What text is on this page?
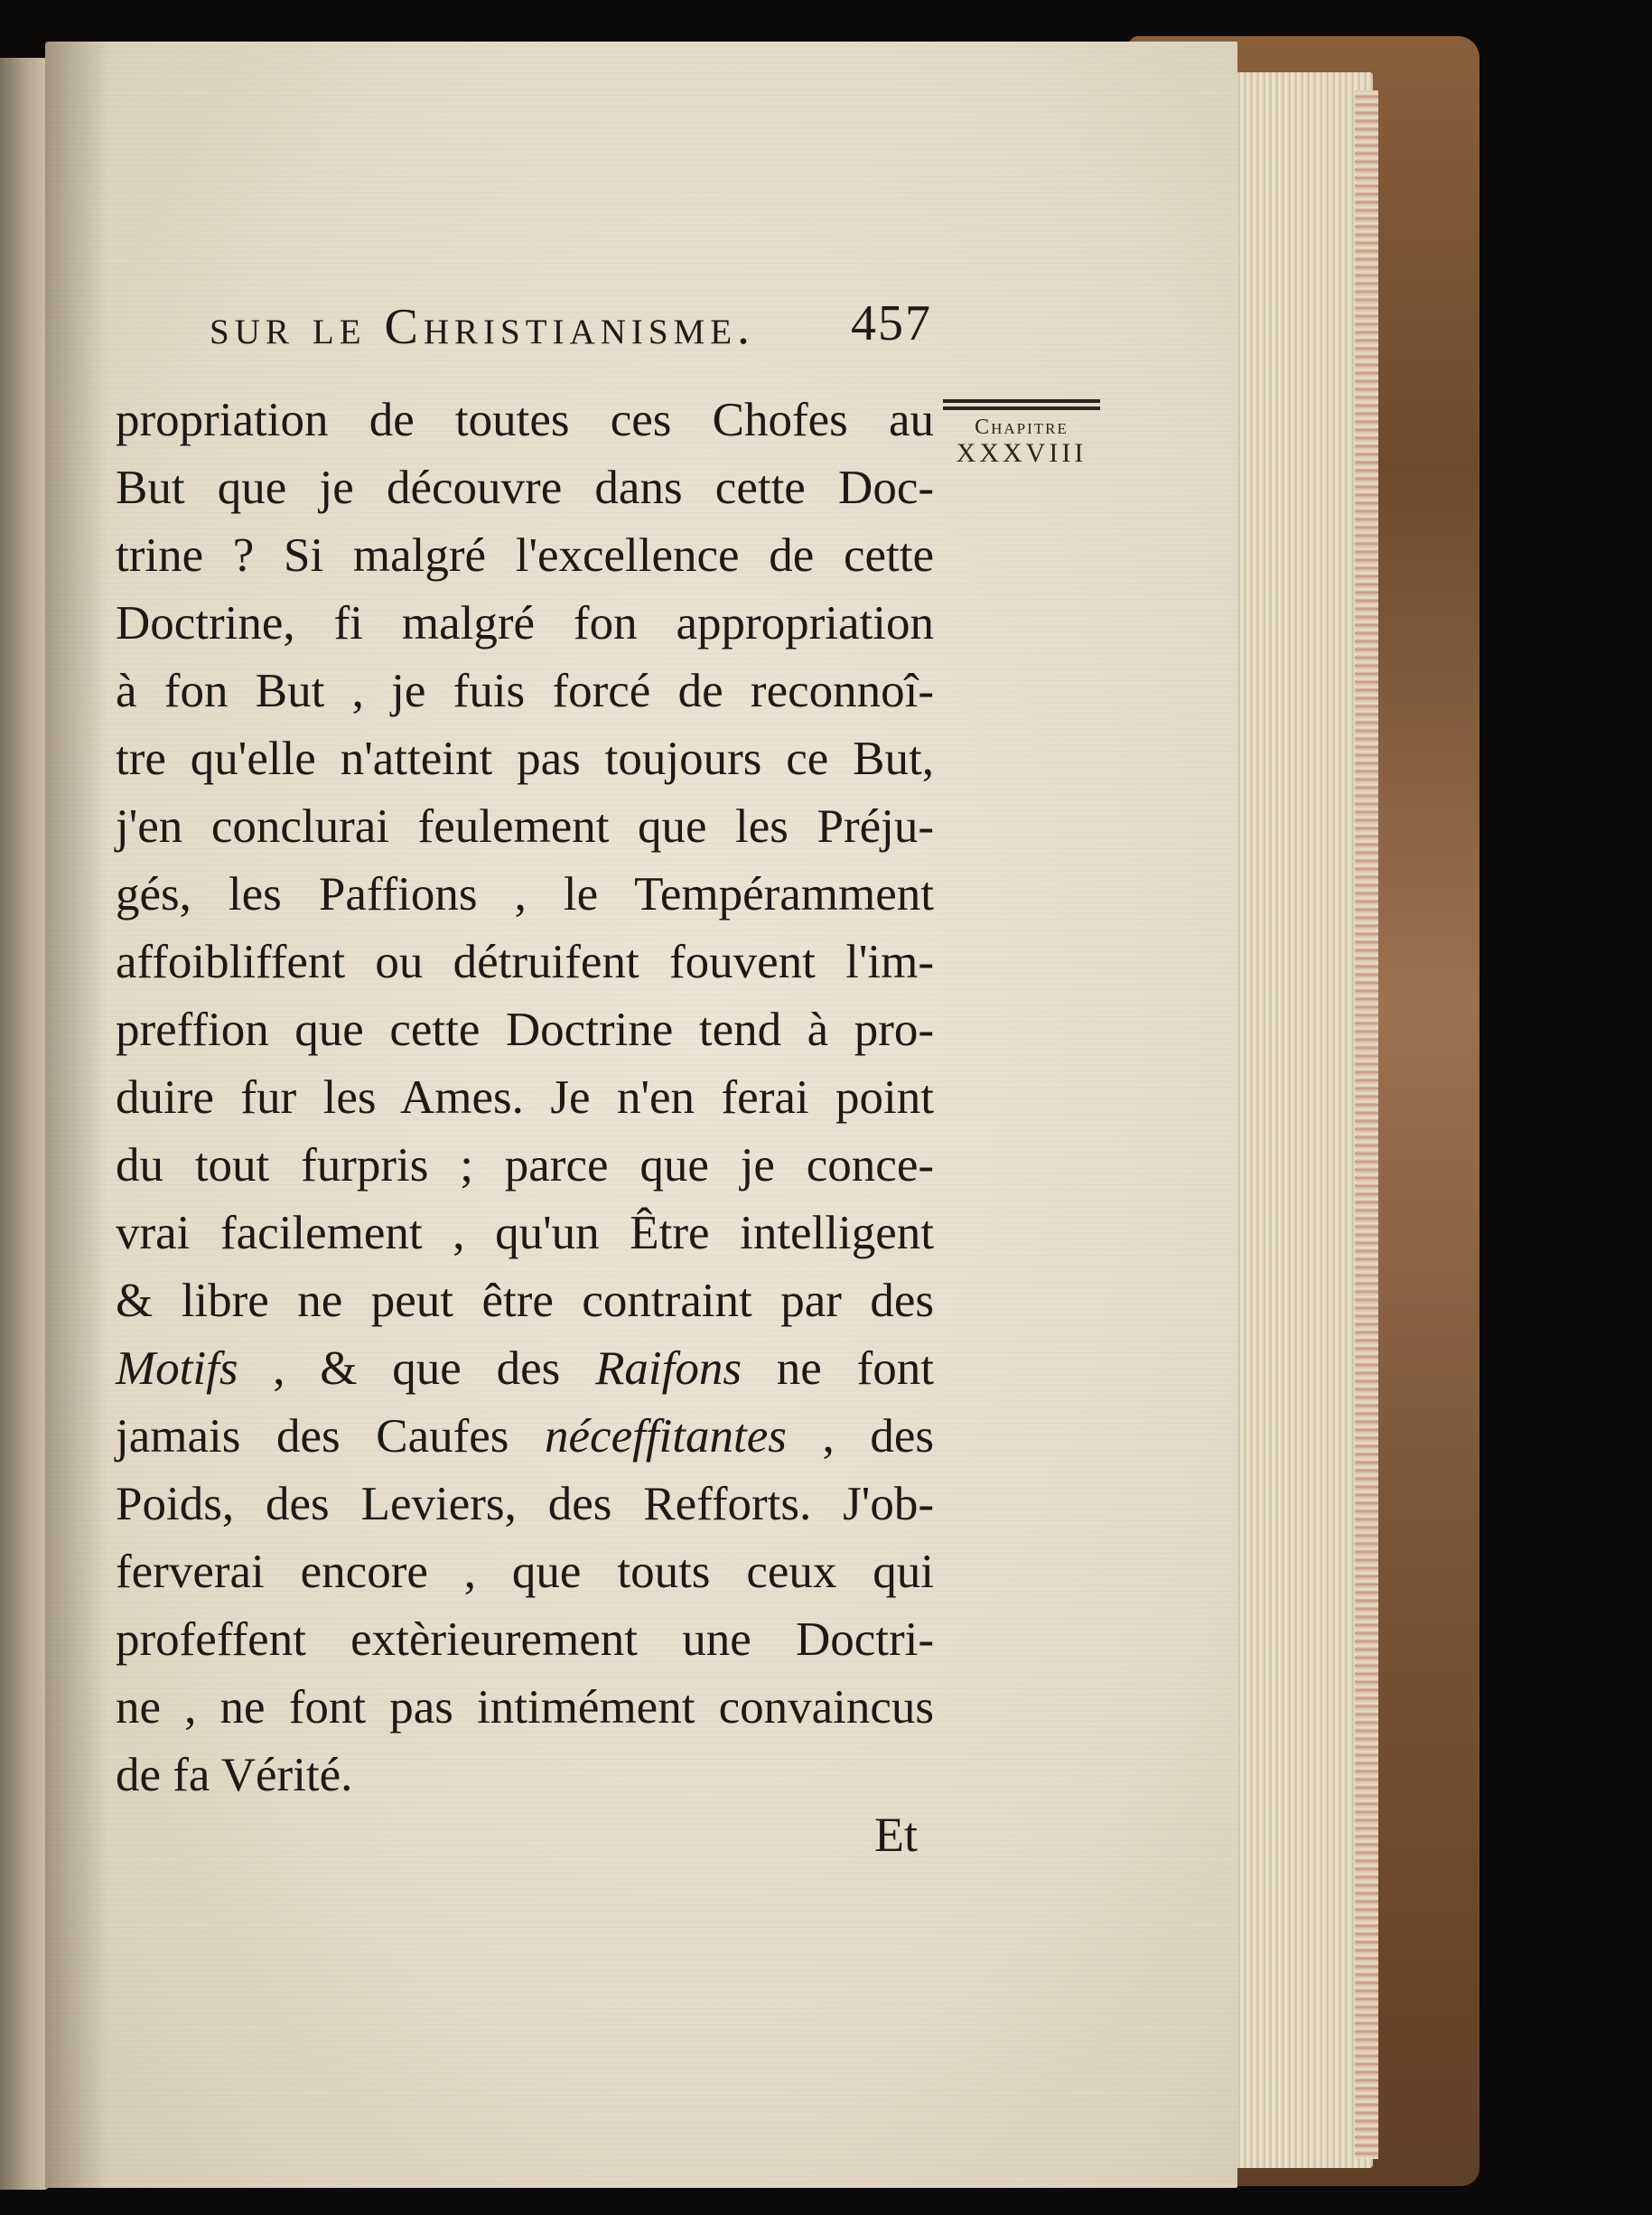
sur le Christianisme. 457
Chapitre
XXXVIII
propriation de toutes ces Chofes au
But que je découvre dans cette Doc-
trine ? Si malgré l'excellence de cette
Doctrine, fi malgré fon appropriation
à fon But , je fuis forcé de reconnoî-
tre qu'elle n'atteint pas toujours ce But,
j'en conclurai feulement que les Préju-
gés, les Paffions , le Tempéramment
affoibliffent ou détruifent fouvent l'im-
preffion que cette Doctrine tend à pro-
duire fur les Ames. Je n'en ferai point
du tout furpris ; parce que je conce-
vrai facilement , qu'un Être intelligent
& libre ne peut être contraint par des
Motifs , & que des Raifons ne font
jamais des Caufes néceffitantes , des
Poids, des Leviers, des Refforts. J'ob-
ferverai encore , que touts ceux qui
profeffent extèrieurement une Doctri-
ne , ne font pas intimément convaincus
de fa Vérité.
Et
